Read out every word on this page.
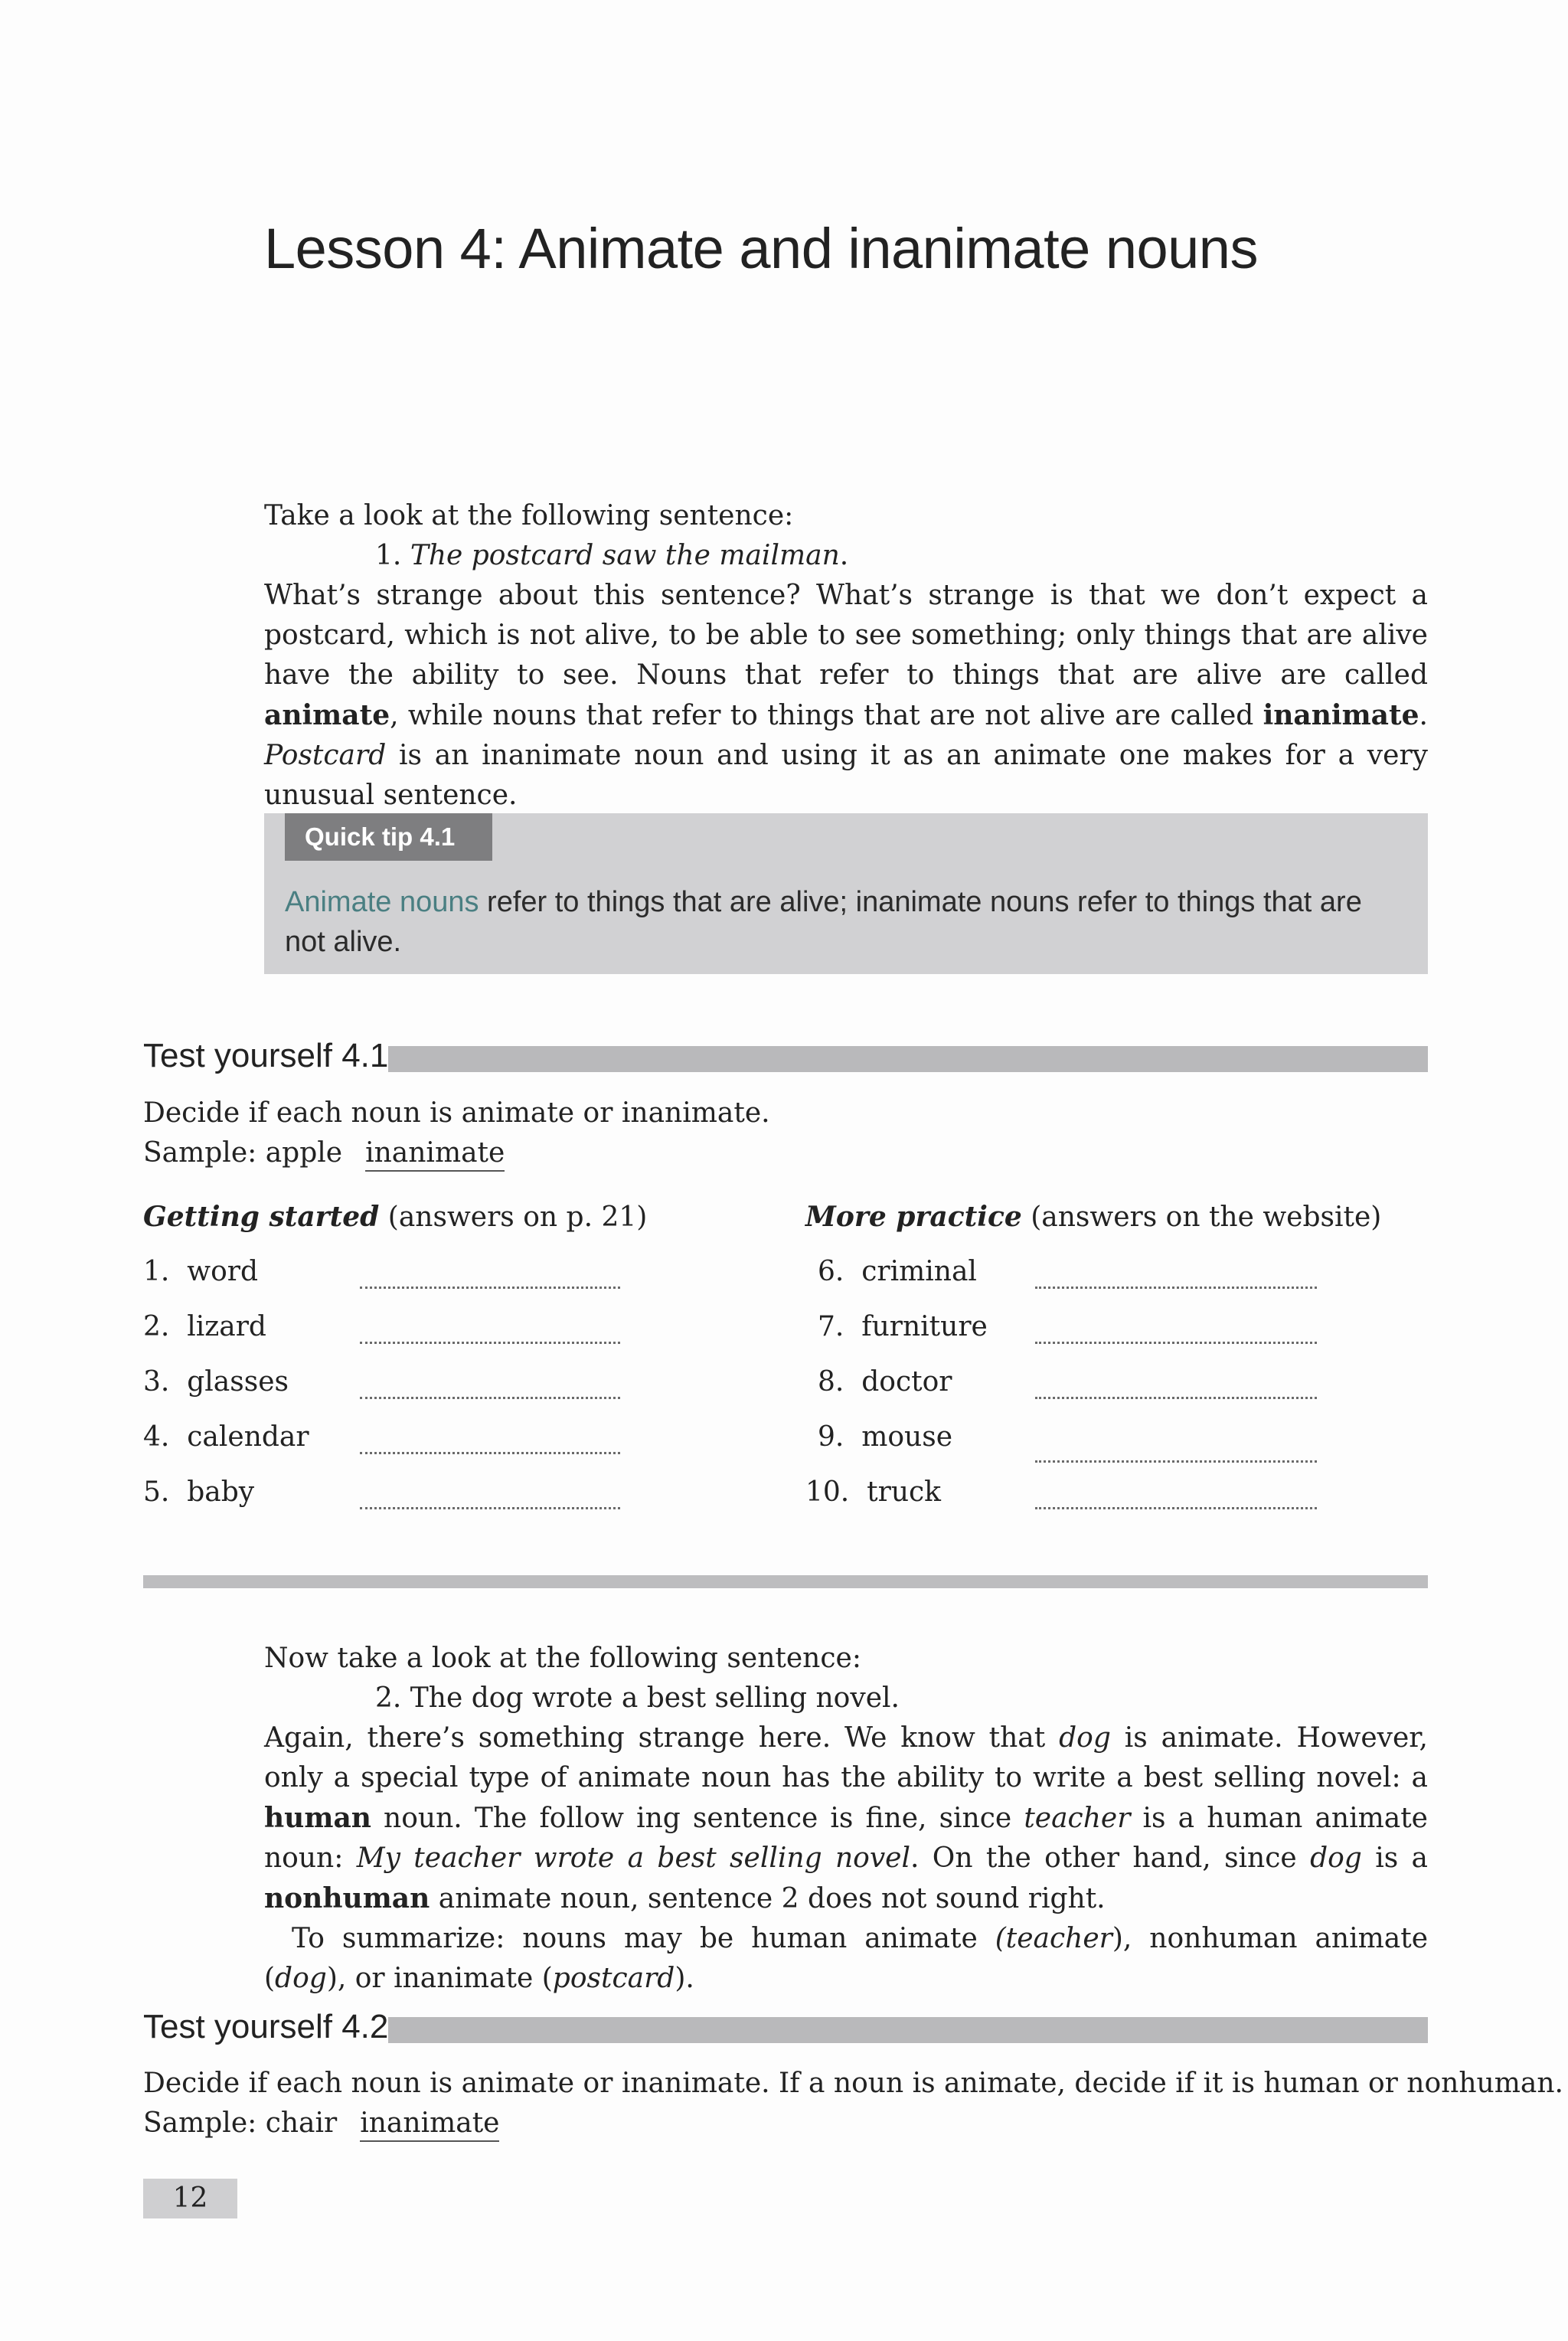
Lesson 4: Animate and inanimate nouns

Take a look at the following sentence:

1. The postcard saw the mailman.

What’s strange about this sentence? What’s strange is that we don’t expect a postcard, which is not alive, to be able to see something; only things that are alive have the ability to see. Nouns that refer to things that are alive are called animate, while nouns that refer to things that are not alive are called inanimate. Postcard is an inanimate noun and using it as an animate one makes for a very unusual sentence.

Quick tip 4.1
Animate nouns refer to things that are alive; inanimate nouns refer to things that are not alive.
Test yourself 4.1
Decide if each noun is animate or inanimate.
Sample: apple inanimate
Getting started (answers on p. 21)	More practice (answers on the website)
1. word
2. lizard
3. glasses
4. calendar
5. baby
6. criminal
7. furniture
8. doctor
9. mouse
10. truck

Now take a look at the following sentence:

2. The dog wrote a best selling novel.

Again, there’s something strange here. We know that dog is animate. However, only a special type of animate noun has the ability to write a best selling novel: a human noun. The follow ing sentence is fine, since teacher is a human animate noun: My teacher wrote a best selling novel. On the other hand, since dog is a nonhuman animate noun, sentence 2 does not sound right.

To summarize: nouns may be human animate (teacher), nonhuman animate (dog), or inanimate (postcard).

Test yourself 4.2
Decide if each noun is animate or inanimate. If a noun is animate, decide if it is human or nonhuman.
Sample: chair inanimate
12
